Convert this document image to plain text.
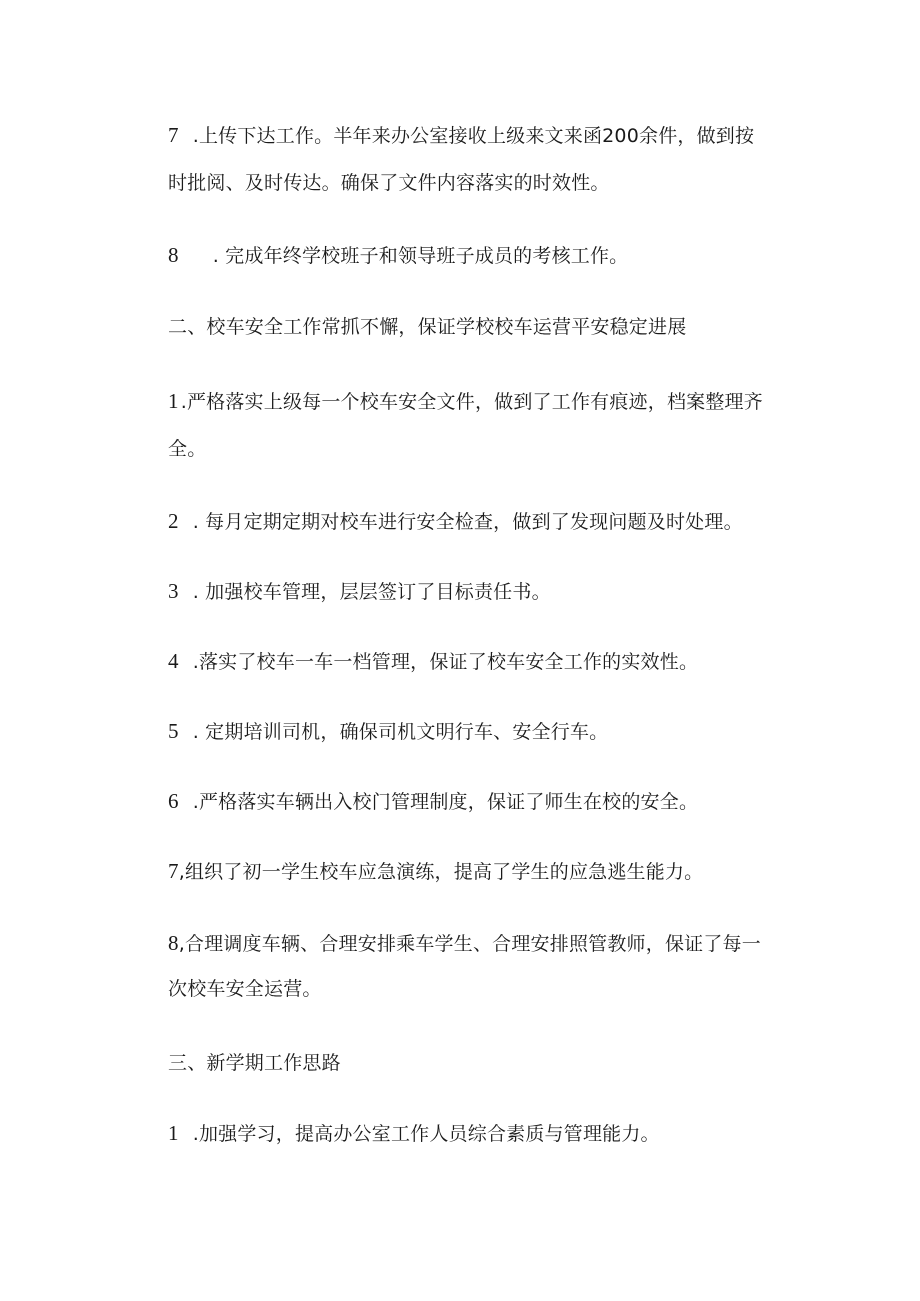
7 .上传下达工作。半年来办公室接收上级来文来函200余件，做到按
时批阅、及时传达。确保了文件内容落实的时效性。
8 . 完成年终学校班子和领导班子成员的考核工作。
二、校车安全工作常抓不懈，保证学校校车运营平安稳定进展
1 .严格落实上级每一个校车安全文件，做到了工作有痕迹，档案整理齐
全。
2 . 每月定期定期对校车进行安全检查，做到了发现问题及时处理。
3 . 加强校车管理，层层签订了目标责任书。
4 .落实了校车一车一档管理，保证了校车安全工作的实效性。
5 . 定期培训司机，确保司机文明行车、安全行车。
6 .严格落实车辆出入校门管理制度，保证了师生在校的安全。
7,组织了初一学生校车应急演练，提高了学生的应急逃生能力。
8,合理调度车辆、合理安排乘车学生、合理安排照管教师，保证了每一
次校车安全运营。
三、新学期工作思路
1 .加强学习，提高办公室工作人员综合素质与管理能力。
